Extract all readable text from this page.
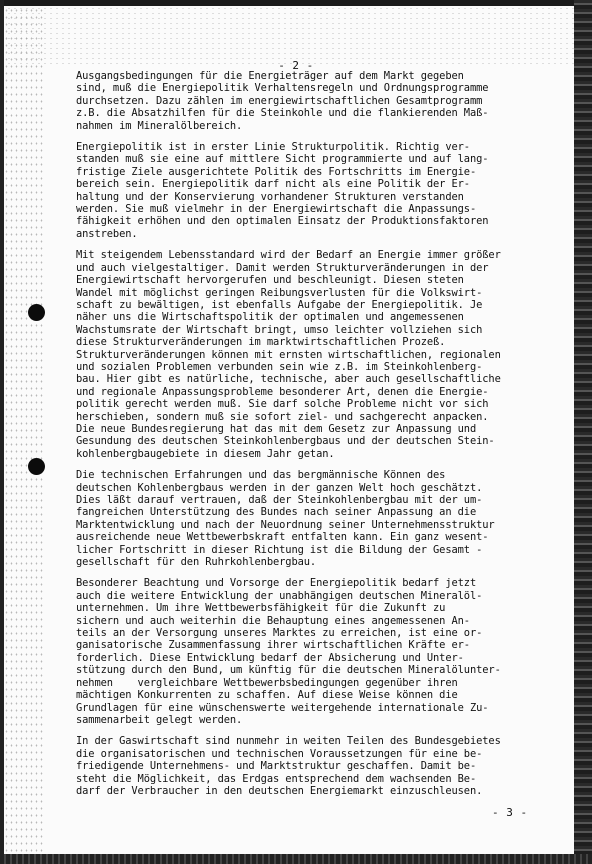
- 2 -
Ausgangsbedingungen für die Energieträger auf dem Markt gegeben
sind, muß die Energiepolitik Verhaltensregeln und Ordnungsprogramme
durchsetzen. Dazu zählen im energiewirtschaftlichen Gesamtprogramm
z.B. die Absatzhilfen für die Steinkohle und die flankierenden Maß-
nahmen im Mineralölbereich.
Energiepolitik ist in erster Linie Strukturpolitik. Richtig ver-
standen muß sie eine auf mittlere Sicht programmierte und auf lang-
fristige Ziele ausgerichtete Politik des Fortschritts im Energie-
bereich sein. Energiepolitik darf nicht als eine Politik der Er-
haltung und der Konservierung vorhandener Strukturen verstanden
werden. Sie muß vielmehr in der Energiewirtschaft die Anpassungs-
fähigkeit erhöhen und den optimalen Einsatz der Produktionsfaktoren
anstreben.
Mit steigendem Lebensstandard wird der Bedarf an Energie immer größer
und auch vielgestaltiger. Damit werden Strukturveränderungen in der
Energiewirtschaft hervorgerufen und beschleunigt. Diesen steten
Wandel mit möglichst geringen Reibungsverlusten für die Volkswirt-
schaft zu bewältigen, ist ebenfalls Aufgabe der Energiepolitik. Je
näher uns die Wirtschaftspolitik der optimalen und angemessenen
Wachstumsrate der Wirtschaft bringt, umso leichter vollziehen sich
diese Strukturveränderungen im marktwirtschaftlichen Prozeß.
Strukturveränderungen können mit ernsten wirtschaftlichen, regionalen
und sozialen Problemen verbunden sein wie z.B. im Steinkohlenberg-
bau. Hier gibt es natürliche, technische, aber auch gesellschaftliche
und regionale Anpassungsprobleme besonderer Art, denen die Energie-
politik gerecht werden muß. Sie darf solche Probleme nicht vor sich
herschieben, sondern muß sie sofort ziel- und sachgerecht anpacken.
Die neue Bundesregierung hat das mit dem Gesetz zur Anpassung und
Gesundung des deutschen Steinkohlenbergbaus und der deutschen Stein-
kohlenbergbaugebiete in diesem Jahr getan.
Die technischen Erfahrungen und das bergmännische Können des
deutschen Kohlenbergbaus werden in der ganzen Welt hoch geschätzt.
Dies läßt darauf vertrauen, daß der Steinkohlenbergbau mit der um-
fangreichen Unterstützung des Bundes nach seiner Anpassung an die
Marktentwicklung und nach der Neuordnung seiner Unternehmensstruktur
ausreichende neue Wettbewerbskraft entfalten kann. Ein ganz wesent-
licher Fortschritt in dieser Richtung ist die Bildung der Gesamt -
gesellschaft für den Ruhrkohlenbergbau.
Besonderer Beachtung und Vorsorge der Energiepolitik bedarf jetzt
auch die weitere Entwicklung der unabhängigen deutschen Mineralöl-
unternehmen. Um ihre Wettbewerbsfähigkeit für die Zukunft zu
sichern und auch weiterhin die Behauptung eines angemessenen An-
teils an der Versorgung unseres Marktes zu erreichen, ist eine or-
ganisatorische Zusammenfassung ihrer wirtschaftlichen Kräfte er-
forderlich. Diese Entwicklung bedarf der Absicherung und Unter-
stützung durch den Bund, um künftig für die deutschen Mineralölunter-
nehmen    vergleichbare Wettbewerbsbedingungen gegenüber ihren
mächtigen Konkurrenten zu schaffen. Auf diese Weise können die
Grundlagen für eine wünschenswerte weitergehende internationale Zu-
sammenarbeit gelegt werden.
In der Gaswirtschaft sind nunmehr in weiten Teilen des Bundesgebietes
die organisatorischen und technischen Voraussetzungen für eine be-
friedigende Unternehmens- und Marktstruktur geschaffen. Damit be-
steht die Möglichkeit, das Erdgas entsprechend dem wachsenden Be-
darf der Verbraucher in den deutschen Energiemarkt einzuschleusen.
- 3 -
